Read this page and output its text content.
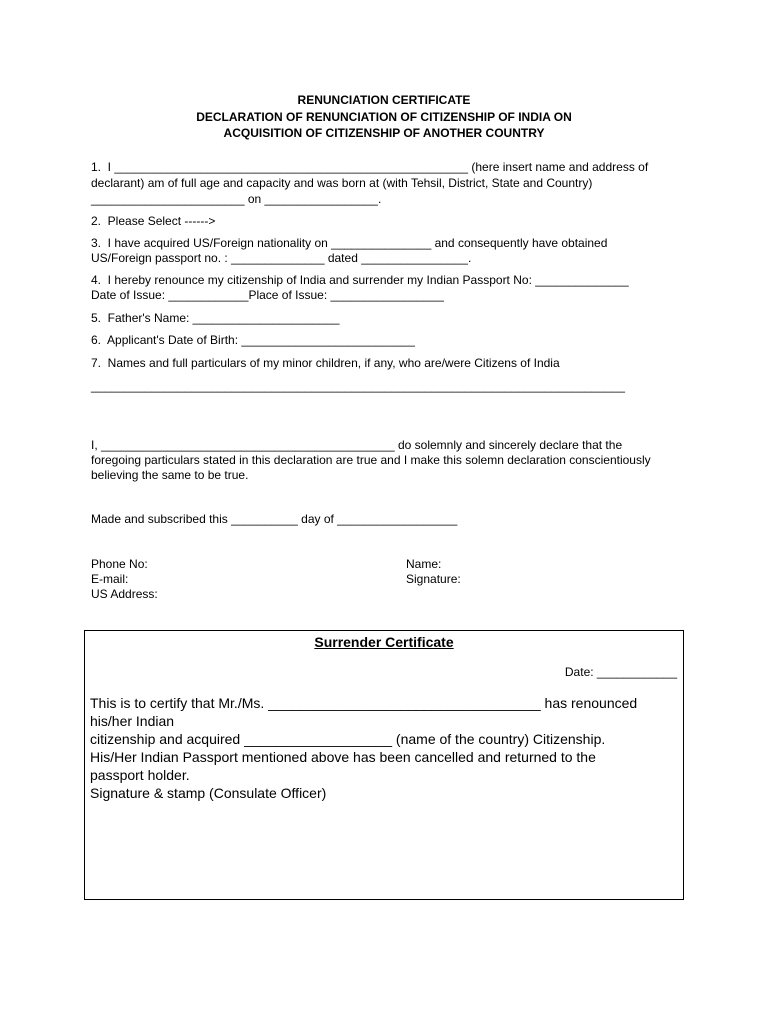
RENUNCIATION CERTIFICATE
DECLARATION OF RENUNCIATION OF CITIZENSHIP OF INDIA ON
ACQUISITION OF CITIZENSHIP OF ANOTHER COUNTRY
1.  I _____________________________________________________ (here insert name and address of
declarant) am of full age and capacity and was born at (with Tehsil, District, State and Country)
_______________________ on _________________.
2.  Please Select ------>
3.  I have acquired US/Foreign nationality on _______________ and consequently have obtained
US/Foreign passport no. : ______________ dated ________________.
4.  I hereby renounce my citizenship of India and surrender my Indian Passport No: ______________
Date of Issue: ____________Place of Issue: _________________
5.  Father's Name: ______________________
6.  Applicant's Date of Birth: __________________________
7.  Names and full particulars of my minor children, if any, who are/were Citizens of India
________________________________________________________________________________
I, ____________________________________________ do solemnly and sincerely declare that the
foregoing particulars stated in this declaration are true and I make this solemn declaration conscientiously
believing the same to be true.
Made and subscribed this __________ day of __________________
Phone No:
E-mail:
US Address:
Name:
Signature:
Surrender Certificate
Date: ____________
This is to certify that Mr./Ms. ___________________________________ has renounced
his/her Indian
citizenship and acquired ___________________ (name of the country) Citizenship.
His/Her Indian Passport mentioned above has been cancelled and returned to the
passport holder.
Signature & stamp (Consulate Officer)
